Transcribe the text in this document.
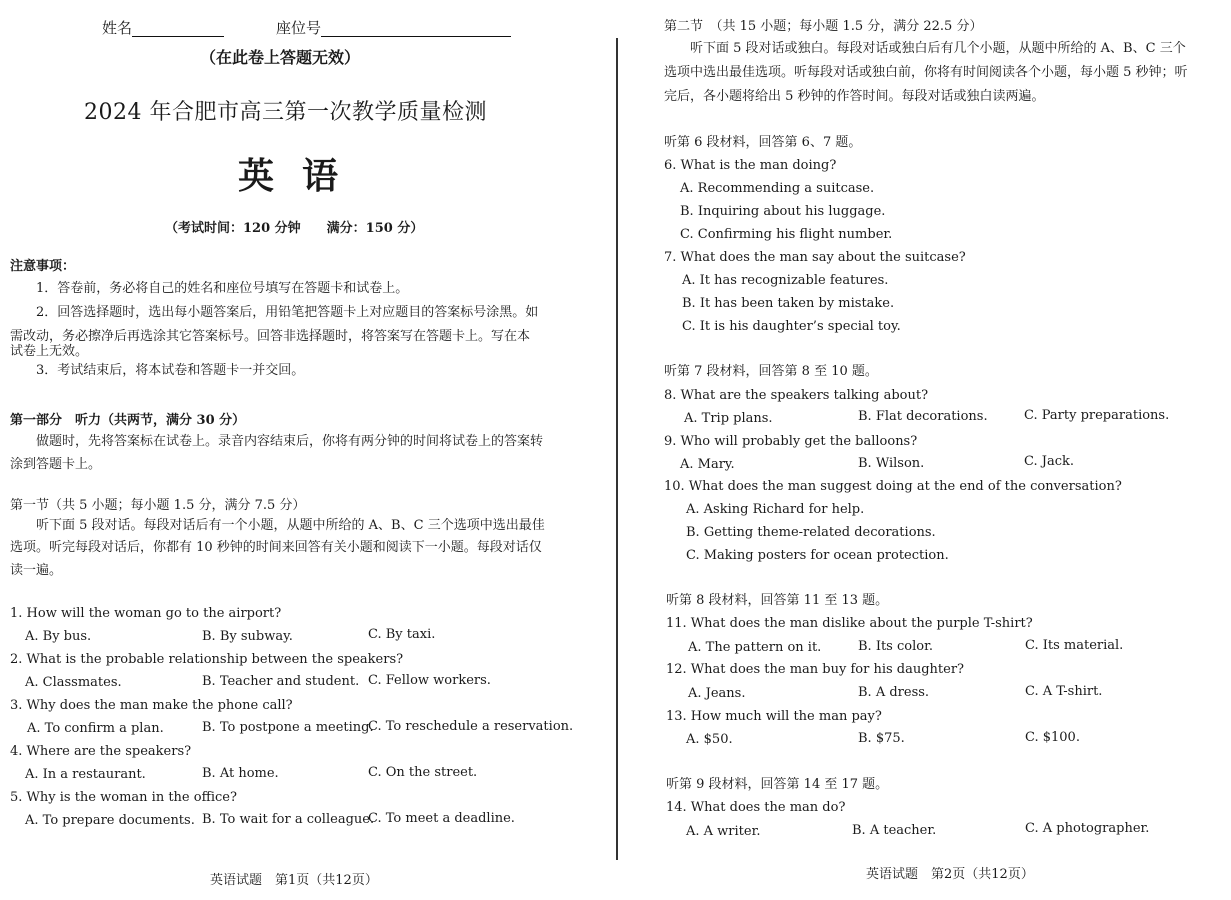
姓名	座位号
（在此卷上答题无效）
2024 年合肥市高三第一次教学质量检测
英语
（考试时间：120 分钟　　满分：150 分）
注意事项：
1．答卷前，务必将自己的姓名和座位号填写在答题卡和试卷上。
2．回答选择题时，选出每小题答案后，用铅笔把答题卡上对应题目的答案标号涂黑。如
需改动，务必擦净后再选涂其它答案标号。回答非选择题时，将答案写在答题卡上。写在本
试卷上无效。
3．考试结束后，将本试卷和答题卡一并交回。
第一部分　听力（共两节，满分 30 分）
做题时，先将答案标在试卷上。录音内容结束后，你将有两分钟的时间将试卷上的答案转
涂到答题卡上。
第一节（共 5 小题；每小题 1.5 分，满分 7.5 分）
听下面 5 段对话。每段对话后有一个小题，从题中所给的 A、B、C 三个选项中选出最佳
选项。听完每段对话后，你都有 10 秒钟的时间来回答有关小题和阅读下一小题。每段对话仅
读一遍。
1. How will the woman go to the airport?
A. By bus.	B. By subway.	C. By taxi.
2. What is the probable relationship between the speakers?
A. Classmates.	B. Teacher and student. C. Fellow workers.
3. Why does the man make the phone call?
A. To confirm a plan.	B. To postpone a meeting.
C. To reschedule a reservation.
4. Where are the speakers?
A. In a restaurant.	B. At home.	C. On the street.
5. Why is the woman in the office?
A. To prepare documents. B. To wait for a colleague.
C. To meet a deadline.
英语试题　第1页（共12页）
第二节　（共 15 小题；每小题 1.5 分，满分 22.5 分）
听下面 5 段对话或独白。每段对话或独白后有几个小题，从题中所给的 A、B、C 三个
选项中选出最佳选项。听每段对话或独白前，你将有时间阅读各个小题，每小题 5 秒钟；听
完后，各小题将给出 5 秒钟的作答时间。每段对话或独白读两遍。
听第 6 段材料，回答第 6、7 题。
6. What is the man doing?
A. Recommending a suitcase.
B. Inquiring about his luggage.
C. Confirming his flight number.
7. What does the man say about the suitcase?
A. It has recognizable features.
B. It has been taken by mistake.
C. It is his daughter’s special toy.
听第 7 段材料，回答第 8 至 10 题。
8. What are the speakers talking about?
A. Trip plans.	B. Flat decorations.	C. Party preparations.
9. Who will probably get the balloons?
A. Mary.	B. Wilson.	C. Jack.
10. What does the man suggest doing at the end of the conversation?
A. Asking Richard for help.
B. Getting theme-related decorations.
C. Making posters for ocean protection.
听第 8 段材料，回答第 11 至 13 题。
11. What does the man dislike about the purple T-shirt?
A. The pattern on it.	B. Its color.	C. Its material.
12. What does the man buy for his daughter?
A. Jeans.	B. A dress.	C. A T-shirt.
13. How much will the man pay?
A. $50.	B. $75.	C. $100.
听第 9 段材料，回答第 14 至 17 题。
14. What does the man do?
A. A writer.	B. A teacher.	C. A photographer.
英语试题　第2页（共12页）
